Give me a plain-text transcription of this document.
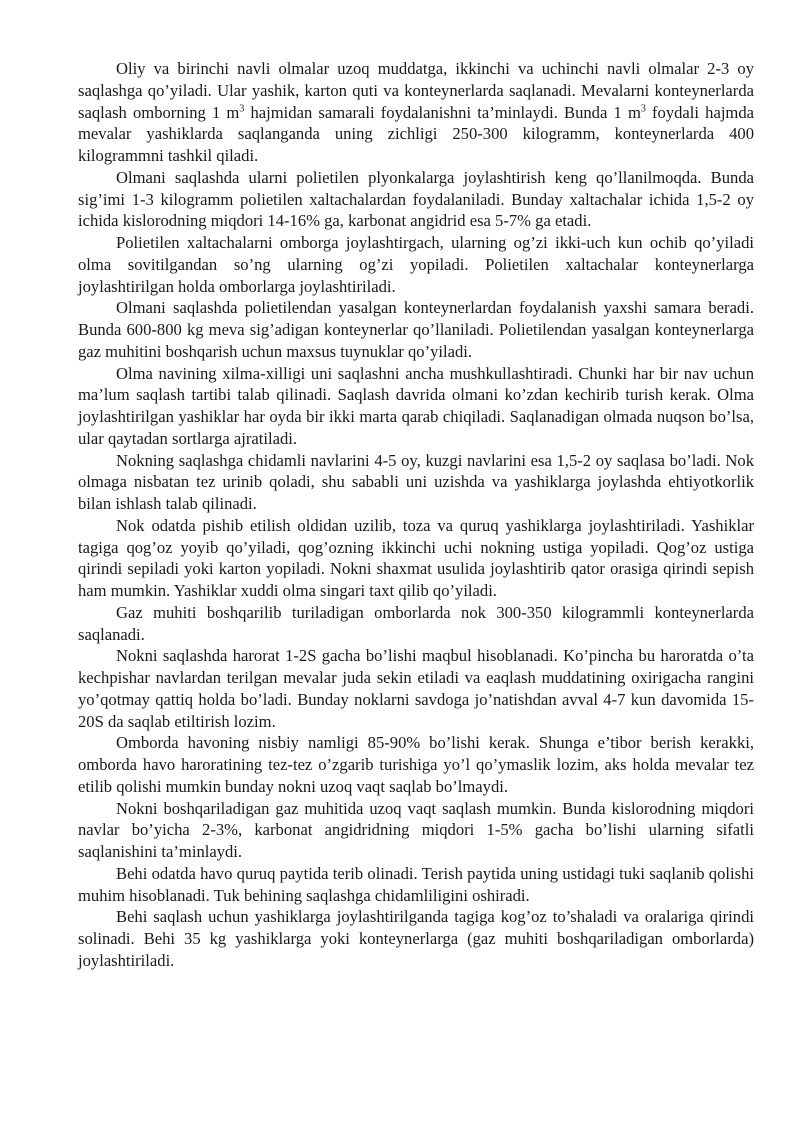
Oliy va birinchi navli olmalar uzoq muddatga, ikkinchi va uchinchi navli olmalar 2-3 oy saqlashga qo’yiladi. Ular yashik, karton quti va konteynerlarda saqlanadi. Mevalarni konteynerlarda saqlash omborning 1 $m^3$ hajmidan samarali foydalanishni ta’minlaydi. Bunda 1 $m^3$ foydali hajmda mevalar yashiklarda saqlanganda uning zichligi 250-300 kilogramm, konteynerlarda 400 kilogrammni tashkil qiladi.

Olmani saqlashda ularni polietilen plyonkalarga joylashtirish keng qo’llanilmoqda. Bunda sig’imi 1-3 kilogramm polietilen xaltachalardan foydalaniladi. Bunday xaltachalar ichida 1,5-2 oy ichida kislorodning miqdori 14-16% ga, karbonat angidrid esa 5-7% ga etadi.

Polietilen xaltachalarni omborga joylashtirgach, ularning og’zi ikki-uch kun ochib qo’yiladi olma sovitilgandan so’ng ularning og’zi yopiladi. Polietilen xaltachalar konteynerlarga joylashtirilgan holda omborlarga joylashtiriladi.

Olmani saqlashda polietilendan yasalgan konteynerlardan foydalanish yaxshi samara beradi. Bunda 600-800 kg meva sig’adigan konteynerlar qo’llaniladi. Polietilendan yasalgan konteynerlarga gaz muhitini boshqarish uchun maxsus tuynuklar qo’yiladi.

Olma navining xilma-xilligi uni saqlashni ancha mushkullashtiradi. Chunki har bir nav uchun ma’lum saqlash tartibi talab qilinadi. Saqlash davrida olmani ko’zdan kechirib turish kerak. Olma joylashtirilgan yashiklar har oyda bir ikki marta qarab chiqiladi. Saqlanadigan olmada nuqson bo’lsa, ular qaytadan sortlarga ajratiladi.

Nokning saqlashga chidamli navlarini 4-5 oy, kuzgi navlarini esa 1,5-2 oy saqlasa bo’ladi. Nok olmaga nisbatan tez urinib qoladi, shu sababli uni uzishda va yashiklarga joylashda ehtiyotkorlik bilan ishlash talab qilinadi.

Nok odatda pishib etilish oldidan uzilib, toza va quruq yashiklarga joylashtiriladi. Yashiklar tagiga qog’oz yoyib qo’yiladi, qog’ozning ikkinchi uchi nokning ustiga yopiladi. Qog’oz ustiga qirindi sepiladi yoki karton yopiladi. Nokni shaxmat usulida joylashtirib qator orasiga qirindi sepish ham mumkin. Yashiklar xuddi olma singari taxt qilib qo’yiladi.

Gaz muhiti boshqarilib turiladigan omborlarda nok 300-350 kilogrammli konteynerlarda saqlanadi.

Nokni saqlashda harorat 1-2S gacha bo’lishi maqbul hisoblanadi. Ko’pincha bu haroratda o’ta kechpishar navlardan terilgan mevalar juda sekin etiladi va eaqlash muddatining oxirigacha rangini yo’qotmay qattiq holda bo’ladi. Bunday noklarni savdoga jo’natishdan avval 4-7 kun davomida 15-20S da saqlab etiltirish lozim.

Omborda havoning nisbiy namligi 85-90% bo’lishi kerak. Shunga e’tibor berish kerakki, omborda havo haroratining tez-tez o’zgarib turishiga yo’l qo’ymaslik lozim, aks holda mevalar tez etilib qolishi mumkin bunday nokni uzoq vaqt saqlab bo’lmaydi.

Nokni boshqariladigan gaz muhitida uzoq vaqt saqlash mumkin. Bunda kislorodning miqdori navlar bo’yicha 2-3%, karbonat angidridning miqdori 1-5% gacha bo’lishi ularning sifatli saqlanishini ta’minlaydi.

Behi odatda havo quruq paytida terib olinadi. Terish paytida uning ustidagi tuki saqlanib qolishi muhim hisoblanadi. Tuk behining saqlashga chidamliligini oshiradi.

Behi saqlash uchun yashiklarga joylashtirilganda tagiga kog’oz to’shaladi va oralariga qirindi solinadi. Behi 35 kg yashiklarga yoki konteynerlarga (gaz muhiti boshqariladigan omborlarda) joylashtiriladi.
